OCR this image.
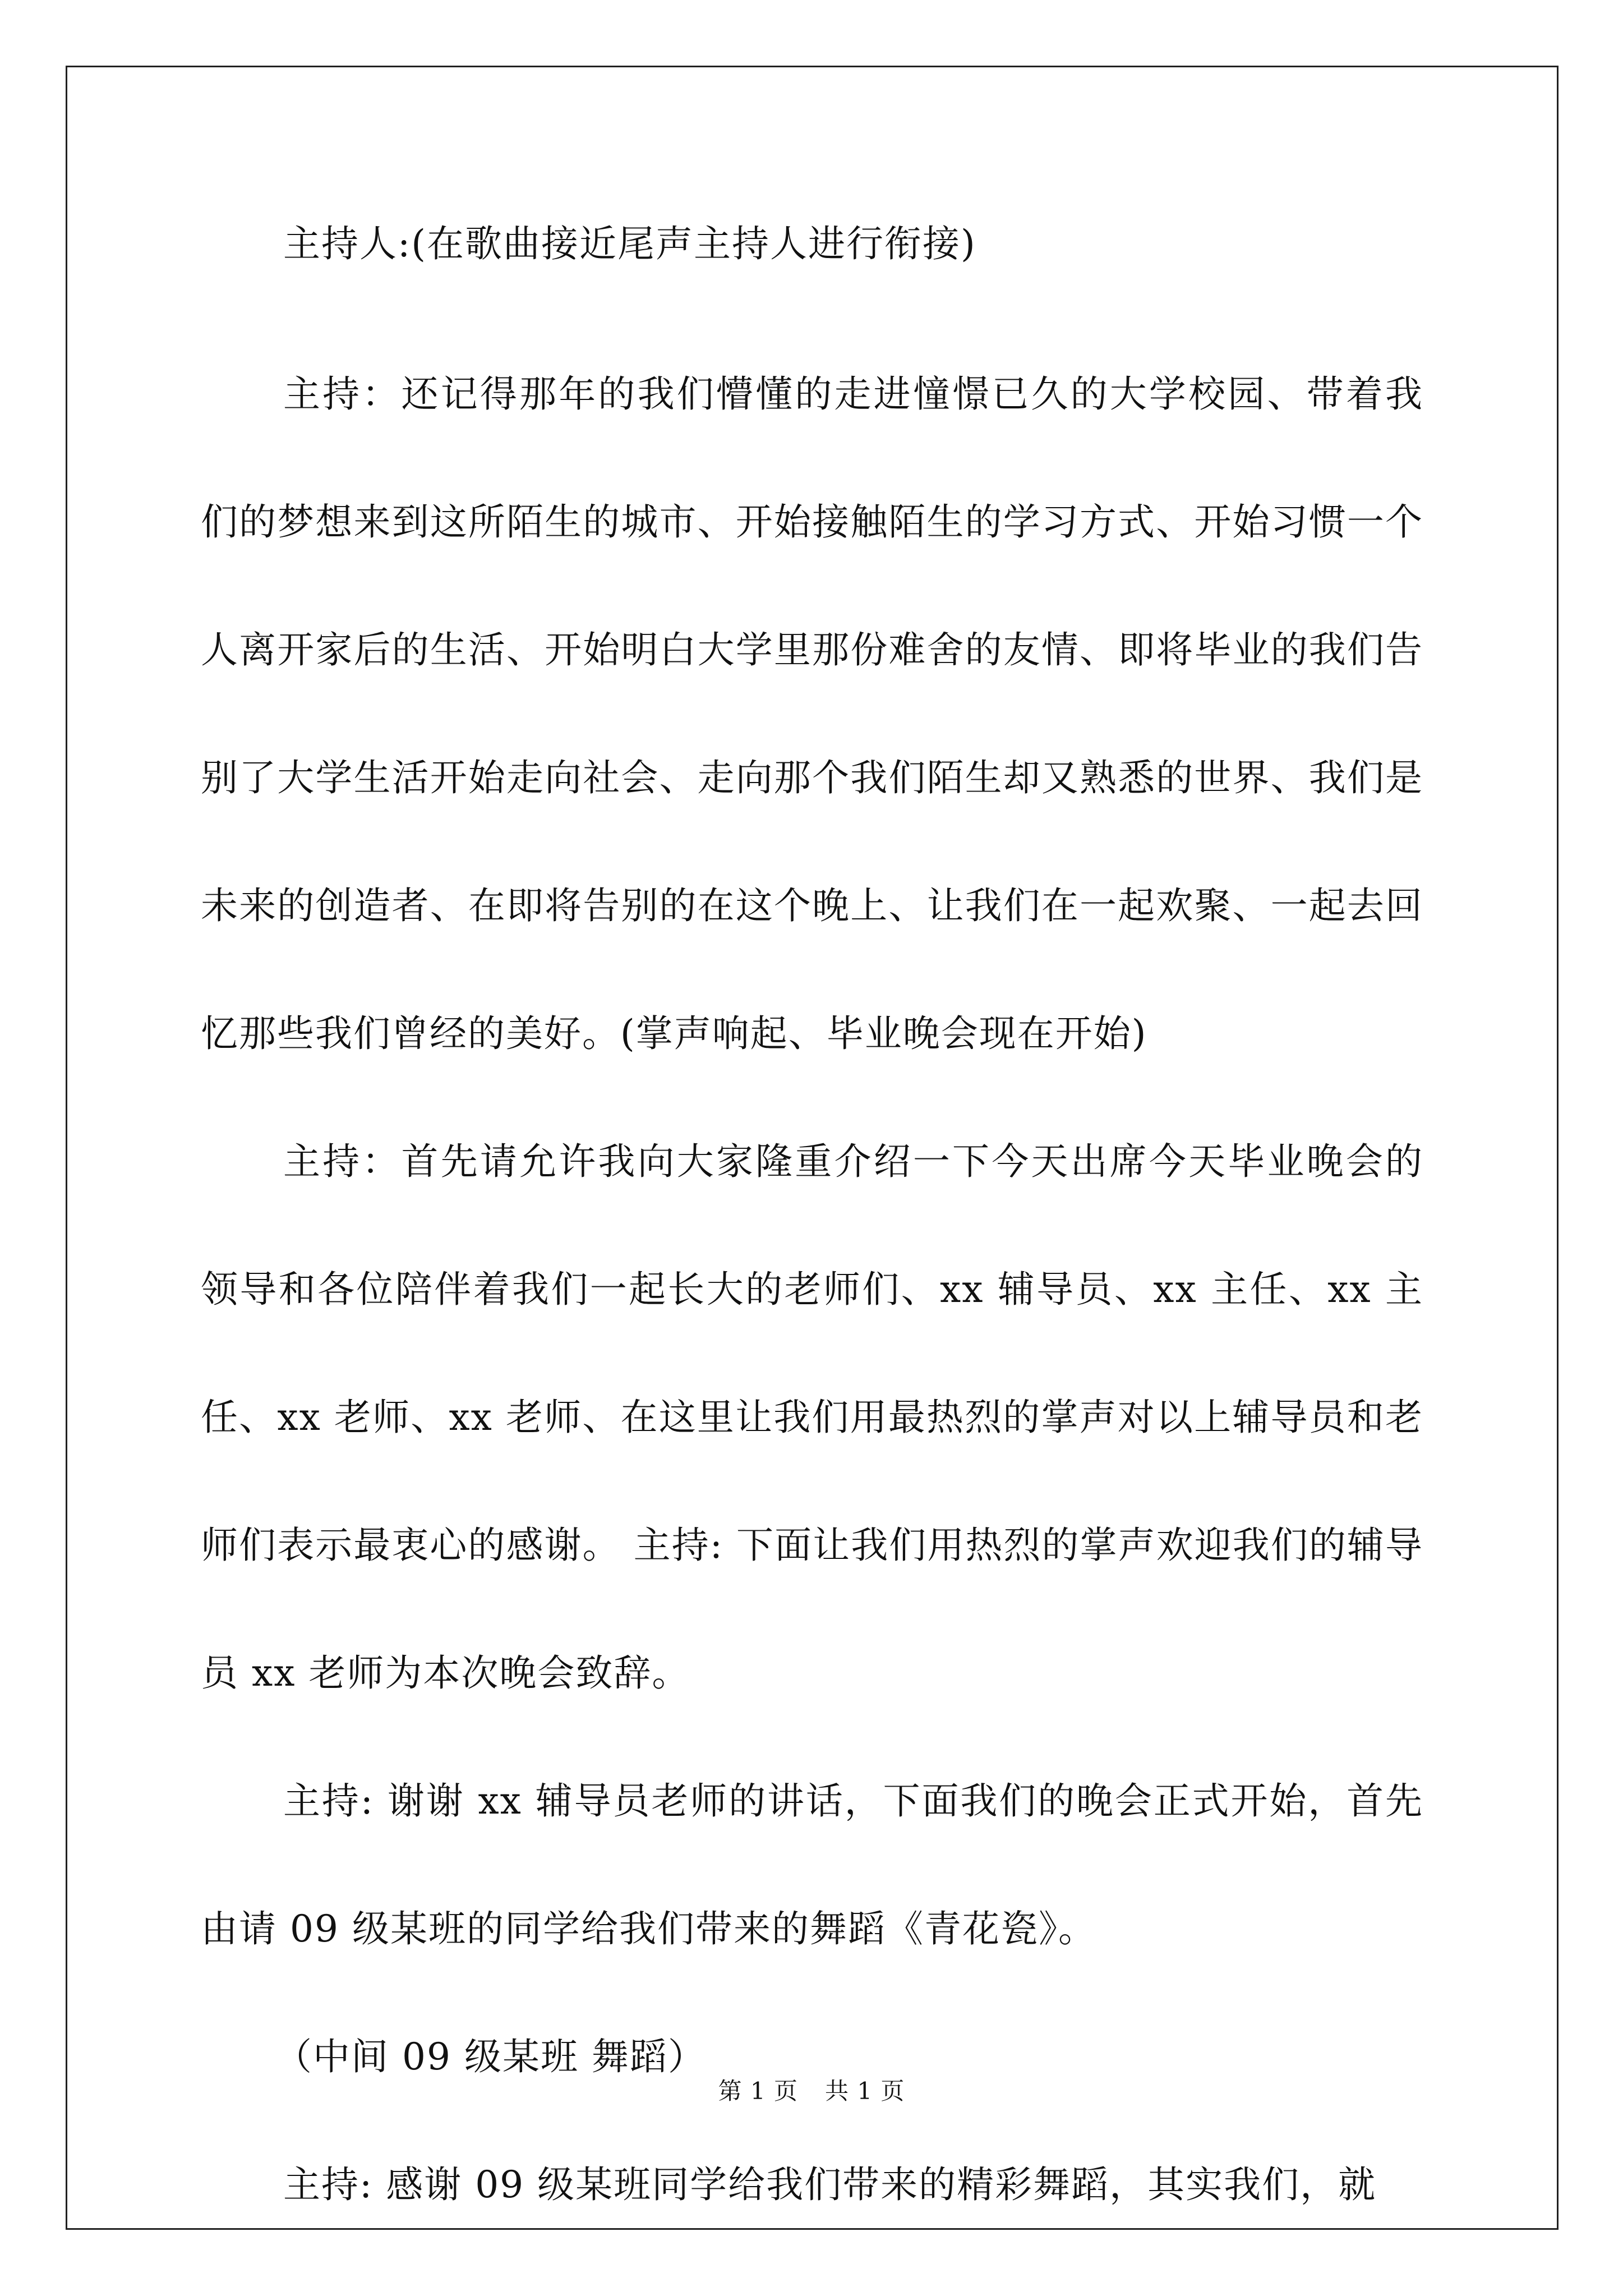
主持人:(在歌曲接近尾声主持人进行衔接)

主持：还记得那年的我们懵懂的走进憧憬已久的大学校园、带着我们的梦想来到这所陌生的城市、开始接触陌生的学习方式、开始习惯一个人离开家后的生活、开始明白大学里那份难舍的友情、即将毕业的我们告别了大学生活开始走向社会、走向那个我们陌生却又熟悉的世界、我们是未来的创造者、在即将告别的在这个晚上、让我们在一起欢聚、一起去回忆那些我们曾经的美好。(掌声响起、毕业晚会现在开始)

主持：首先请允许我向大家隆重介绍一下今天出席今天毕业晚会的领导和各位陪伴着我们一起长大的老师们、xx 辅导员、xx 主任、xx 主任、xx 老师、xx 老师、在这里让我们用最热烈的掌声对以上辅导员和老师们表示最衷心的感谢。 主持: 下面让我们用热烈的掌声欢迎我们的辅导员 xx 老师为本次晚会致辞。

主持: 谢谢 xx 辅导员老师的讲话，下面我们的晚会正式开始，首先由请 09 级某班的同学给我们带来的舞蹈《青花瓷》。

（中间 09 级某班 舞蹈）

主持: 感谢 09 级某班同学给我们带来的精彩舞蹈，其实我们，就

第 1 页 共 1 页
